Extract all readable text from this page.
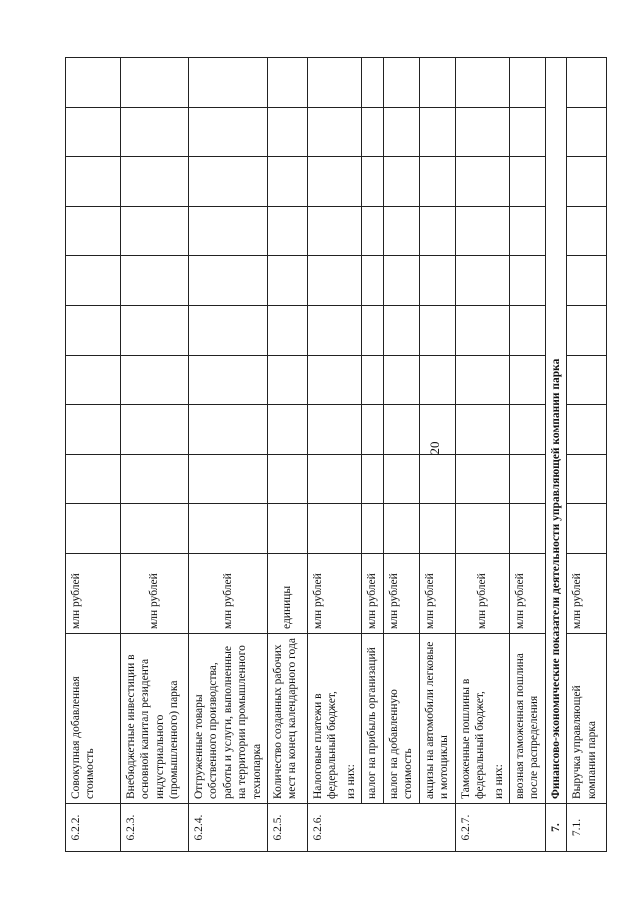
20
6.2.2.	Совокупная добавленная стоимость	млн рублей										
6.2.3.	Внебюджетные инвестиции в основной капитал резидента индустриального (промышленного) парка	млн рублей										
6.2.4.	Отгруженные товары собственного производства, работы и услуги, выполненные на территории промышленного технопарка	млн рублей										
6.2.5.	Количество созданных рабочих мест на конец календарного года	единицы										
6.2.6.	Налоговые платежи в федеральный бюджет, из них:	млн рублей										
	налог на прибыль организаций	млн рублей										
	налог на добавленную стоимость	млн рублей										
	акцизы на автомобили легковые и мотоциклы	млн рублей										
6.2.7.	Таможенные пошлины в федеральный бюджет, из них:	млн рублей										
	ввозная таможенная пошлина после распределения	млн рублей										
7.	Финансово-экономические показатели деятельности управляющей компании парка											
7.1.	Выручка управляющей компании парка	млн рублей										
